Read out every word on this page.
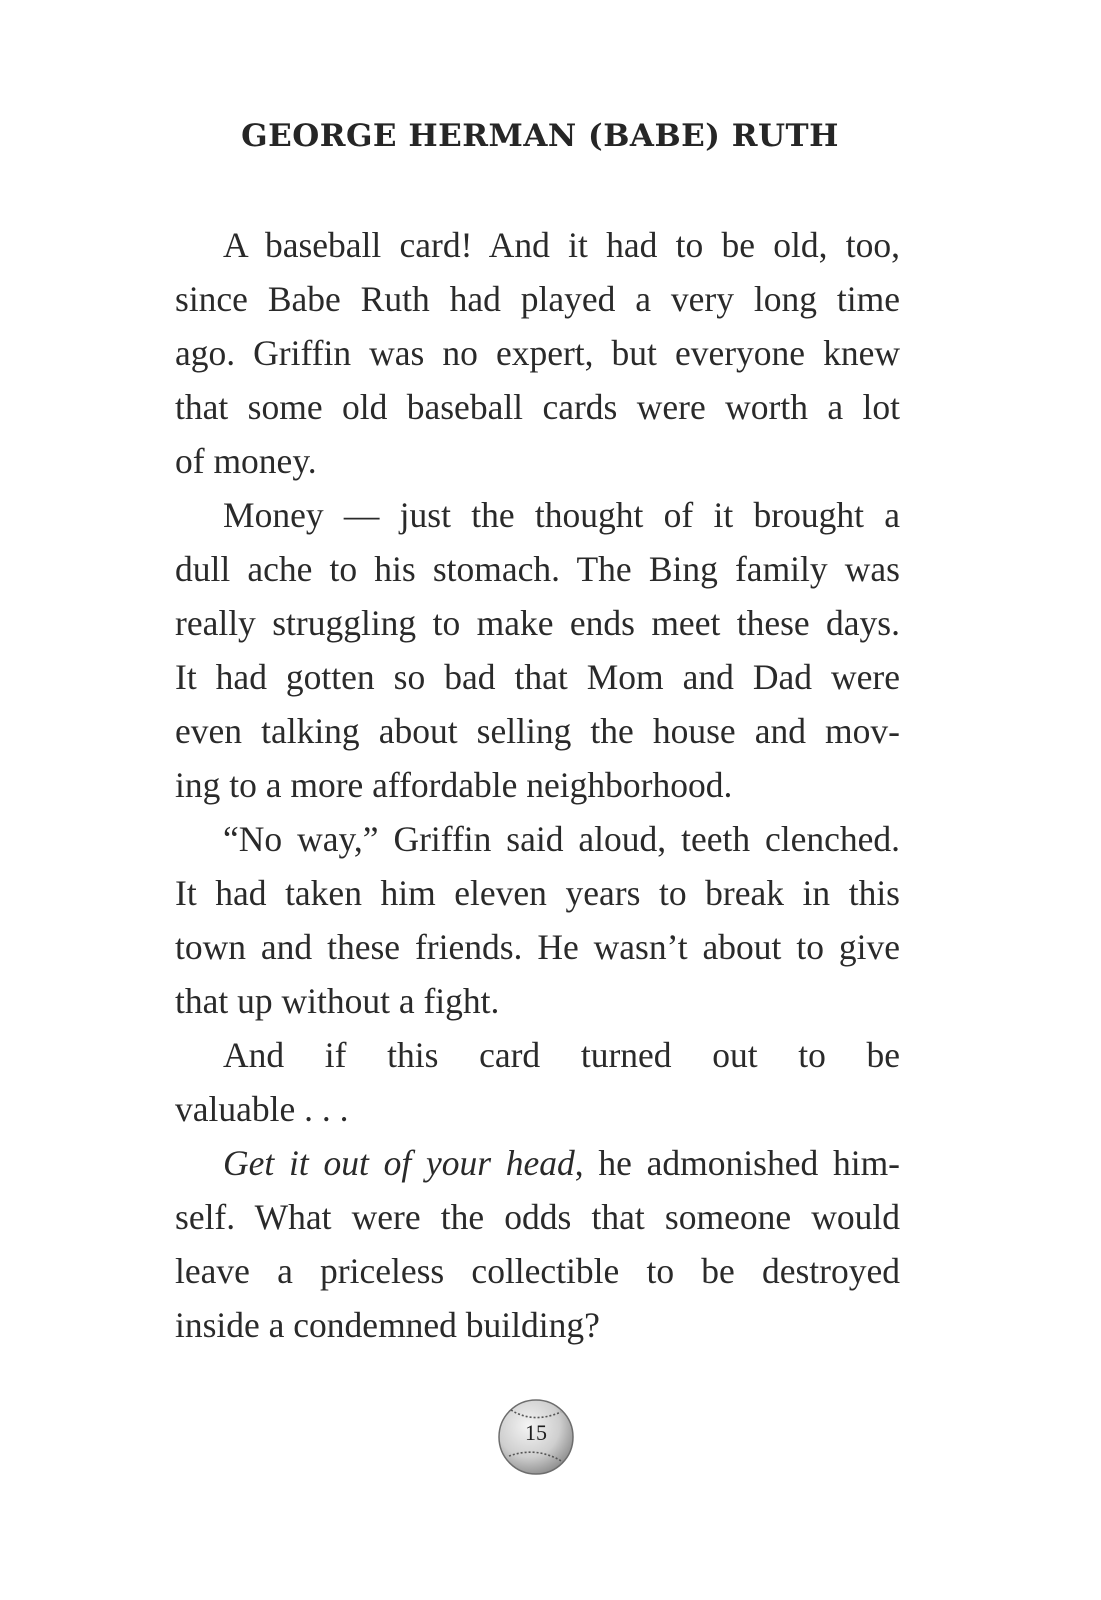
GEORGE HERMAN (BABE) RUTH
A baseball card! And it had to be old, too,
since Babe Ruth had played a very long time
ago. Griffin was no expert, but everyone knew
that some old baseball cards were worth a lot
of money.
Money — just the thought of it brought a
dull ache to his stomach. The Bing family was
really struggling to make ends meet these days.
It had gotten so bad that Mom and Dad were
even talking about selling the house and mov-
ing to a more affordable neighborhood.
“No way,” Griffin said aloud, teeth clenched.
It had taken him eleven years to break in this
town and these friends. He wasn’t about to give
that up without a fight.
And if this card turned out to be
valuable . . .
Get it out of your head, he admonished him-
self. What were the odds that someone would
leave a priceless collectible to be destroyed
inside a condemned building?
15
